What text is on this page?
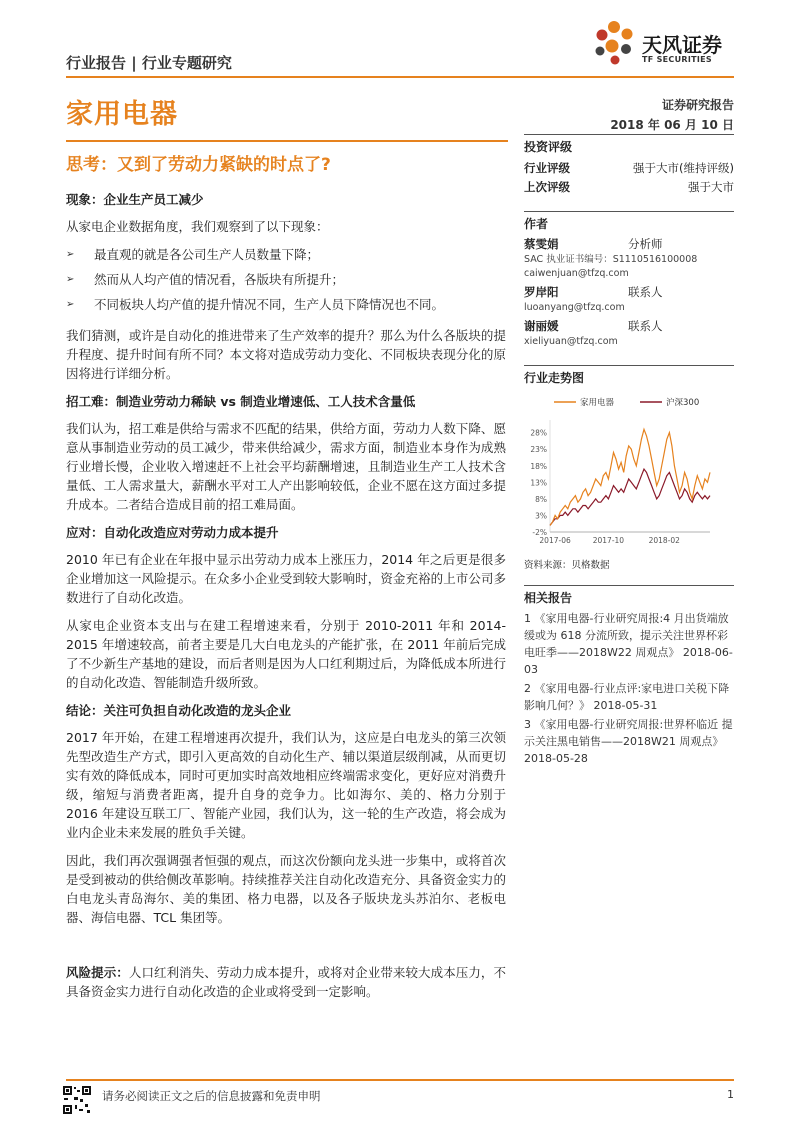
行业报告 | 行业专题研究
天风证券
TF SECURITIES
家用电器	证券研究报告
2018 年 06 月 10 日
思考：又到了劳动力紧缺的时点了?
现象：企业生产员工减少

从家电企业数据角度，我们观察到了以下现象：

➢ 最直观的就是各公司生产人员数量下降；
➢ 然而从人均产值的情况看，各版块有所提升；
➢ 不同板块人均产值的提升情况不同，生产人员下降情况也不同。

我们猜测，或许是自动化的推进带来了生产效率的提升？那么为什么各版块的提升程度、提升时间有所不同？本文将对造成劳动力变化、不同板块表现分化的原因将进行详细分析。

招工难：制造业劳动力稀缺 vs 制造业增速低、工人技术含量低

我们认为，招工难是供给与需求不匹配的结果，供给方面，劳动力人数下降、愿意从事制造业劳动的员工减少，带来供给减少，需求方面，制造业本身作为成熟行业增长慢，企业收入增速赶不上社会平均薪酬增速，且制造业生产工人技术含量低、工人需求量大，薪酬水平对工人产出影响较低，企业不愿在这方面过多提升成本。二者结合造成目前的招工难局面。

应对：自动化改造应对劳动力成本提升

2010 年已有企业在年报中显示出劳动力成本上涨压力，2014 年之后更是很多企业增加这一风险提示。在众多小企业受到较大影响时，资金充裕的上市公司多数进行了自动化改造。

从家电企业资本支出与在建工程增速来看，分别于 2010-2011 年和 2014-2015 年增速较高，前者主要是几大白电龙头的产能扩张，在 2011 年前后完成了不少新生产基地的建设，而后者则是因为人口红利期过后，为降低成本所进行的自动化改造、智能制造升级所致。

结论：关注可负担自动化改造的龙头企业

2017 年开始，在建工程增速再次提升，我们认为，这应是白电龙头的第三次领先型改造生产方式，即引入更高效的自动化生产、辅以渠道层级削减，从而更切实有效的降低成本，同时可更加实时高效地相应终端需求变化，更好应对消费升级，缩短与消费者距离，提升自身的竞争力。比如海尔、美的、格力分别于 2016 年建设互联工厂、智能产业园，我们认为，这一轮的生产改造，将会成为业内企业未来发展的胜负手关键。

因此，我们再次强调强者恒强的观点，而这次份额向龙头进一步集中，或将首次是受到被动的供给侧改革影响。持续推荐关注自动化改造充分、具备资金实力的白电龙头青岛海尔、美的集团、格力电器，以及各子版块龙头苏泊尔、老板电器、海信电器、TCL 集团等。

风险提示：人口红利消失、劳动力成本提升，或将对企业带来较大成本压力，不具备资金实力进行自动化改造的企业或将受到一定影响。

投资评级
行业评级	强于大市(维持评级)
上次评级	强于大市
作者
蔡雯娟	分析师
SAC 执业证书编号：S1110516100008
caiwenjuan@tfzq.com
罗岸阳	联系人
luoanyang@tfzq.com
谢丽媛	联系人
xieliyuan@tfzq.com
行业走势图
家用电器	沪深300
-2%
3%
8%
13%
18%
23%
28%
2017-06	2017-10	2018-02
资料来源：贝格数据
相关报告
1 《家用电器-行业研究周报:4 月出货端放缓或为 618 分流所致，提示关注世界杯彩电旺季——2018W22 周观点》 2018-06-03
2 《家用电器-行业点评:家电进口关税下降影响几何？》 2018-05-31
3 《家用电器-行业研究周报:世界杯临近 提示关注黑电销售——2018W21 周观点》 2018-05-28
请务必阅读正文之后的信息披露和免责申明	1
